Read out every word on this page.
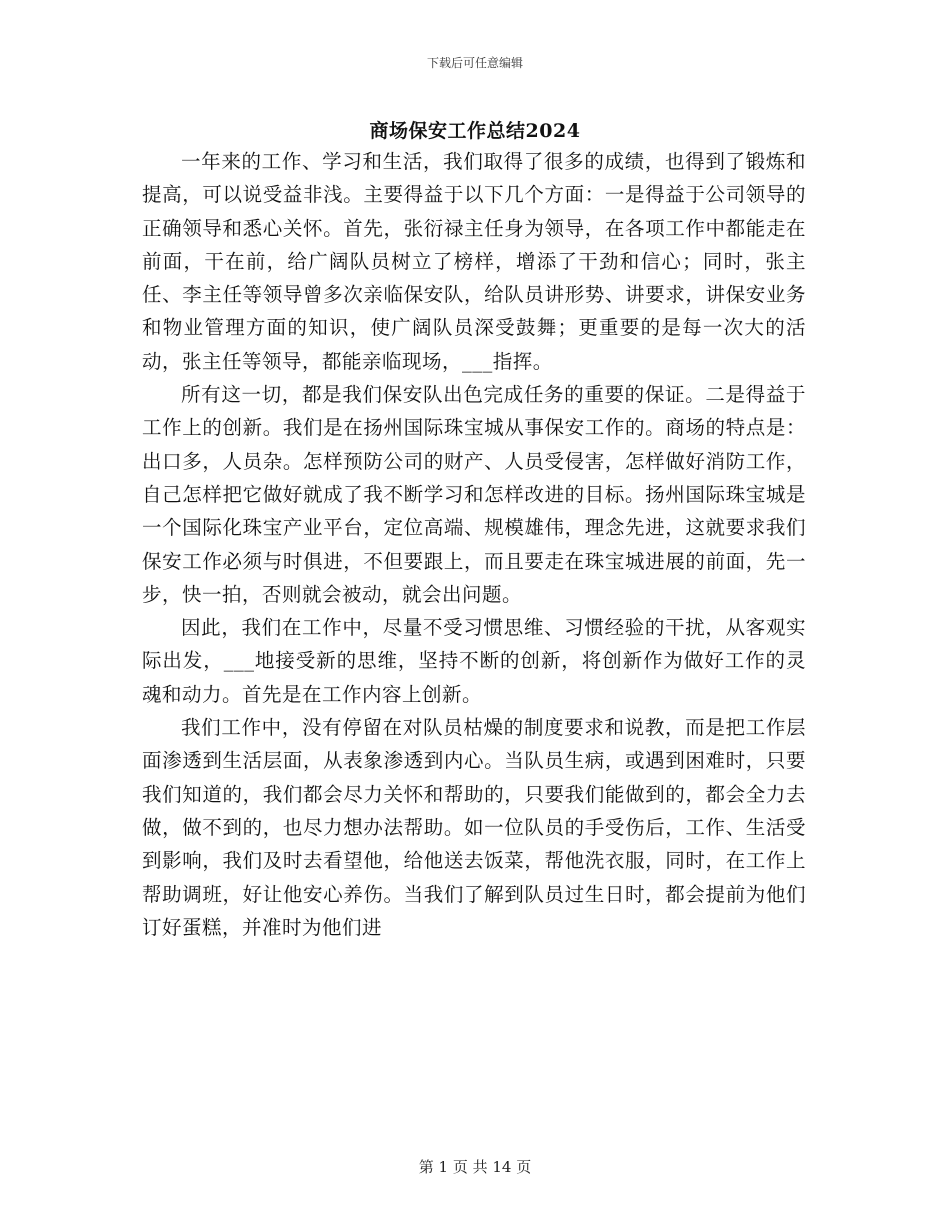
下载后可任意编辑
商场保安工作总结2024

一年来的工作、学习和生活，我们取得了很多的成绩，也得到了锻炼和提高，可以说受益非浅。主要得益于以下几个方面：一是得益于公司领导的正确领导和悉心关怀。首先，张衍禄主任身为领导，在各项工作中都能走在前面，干在前，给广阔队员树立了榜样，增添了干劲和信心；同时，张主任、李主任等领导曾多次亲临保安队，给队员讲形势、讲要求，讲保安业务和物业管理方面的知识，使广阔队员深受鼓舞；更重要的是每一次大的活动，张主任等领导，都能亲临现场，___指挥。

所有这一切，都是我们保安队出色完成任务的重要的保证。二是得益于工作上的创新。我们是在扬州国际珠宝城从事保安工作的。商场的特点是：出口多，人员杂。怎样预防公司的财产、人员受侵害，怎样做好消防工作，自己怎样把它做好就成了我不断学习和怎样改进的目标。扬州国际珠宝城是一个国际化珠宝产业平台，定位高端、规模雄伟，理念先进，这就要求我们保安工作必须与时俱进，不但要跟上，而且要走在珠宝城进展的前面，先一步，快一拍，否则就会被动，就会出问题。

因此，我们在工作中，尽量不受习惯思维、习惯经验的干扰，从客观实际出发，___地接受新的思维，坚持不断的创新，将创新作为做好工作的灵魂和动力。首先是在工作内容上创新。

我们工作中，没有停留在对队员枯燥的制度要求和说教，而是把工作层面渗透到生活层面，从表象渗透到内心。当队员生病，或遇到困难时，只要我们知道的，我们都会尽力关怀和帮助的，只要我们能做到的，都会全力去做，做不到的，也尽力想办法帮助。如一位队员的手受伤后，工作、生活受到影响，我们及时去看望他，给他送去饭菜，帮他洗衣服，同时，在工作上帮助调班，好让他安心养伤。当我们了解到队员过生日时，都会提前为他们订好蛋糕，并准时为他们进

第 1 页 共 14 页
